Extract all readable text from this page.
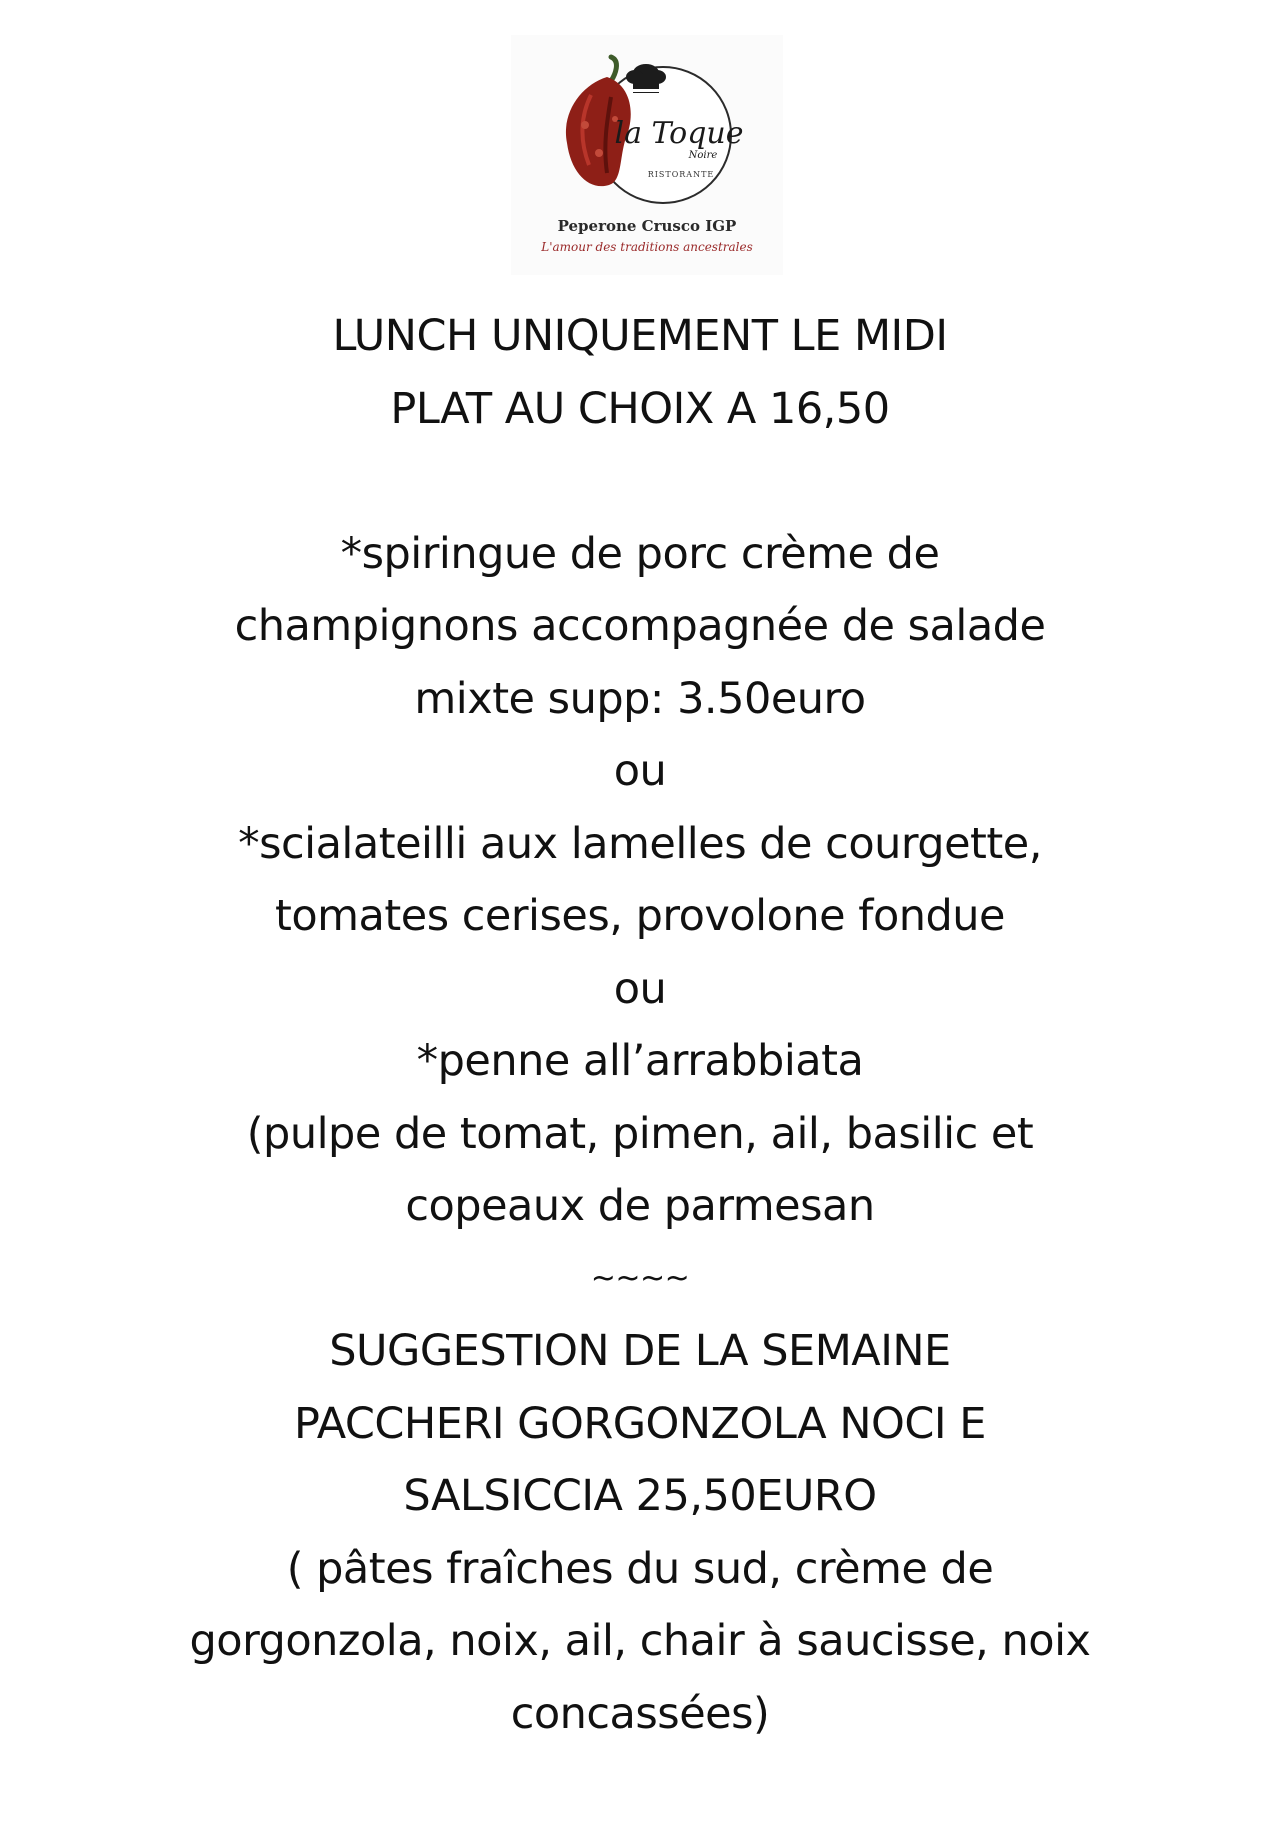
la Toque
Noire
RISTORANTE
Peperone Crusco IGP
L'amour des traditions ancestrales
LUNCH UNIQUEMENT LE MIDI
PLAT AU CHOIX A 16,50
*spiringue de porc crème de
champignons accompagnée de salade
mixte supp: 3.50euro
ou
*scialateilli aux lamelles de courgette,
tomates cerises, provolone fondue
ou
*penne all’arrabbiata
(pulpe de tomat, pimen, ail, basilic et
copeaux de parmesan
~~~~
SUGGESTION DE LA SEMAINE
PACCHERI GORGONZOLA NOCI E
SALSICCIA 25,50EURO
( pâtes fraîches du sud, crème de
gorgonzola, noix, ail, chair à saucisse, noix
concassées)
